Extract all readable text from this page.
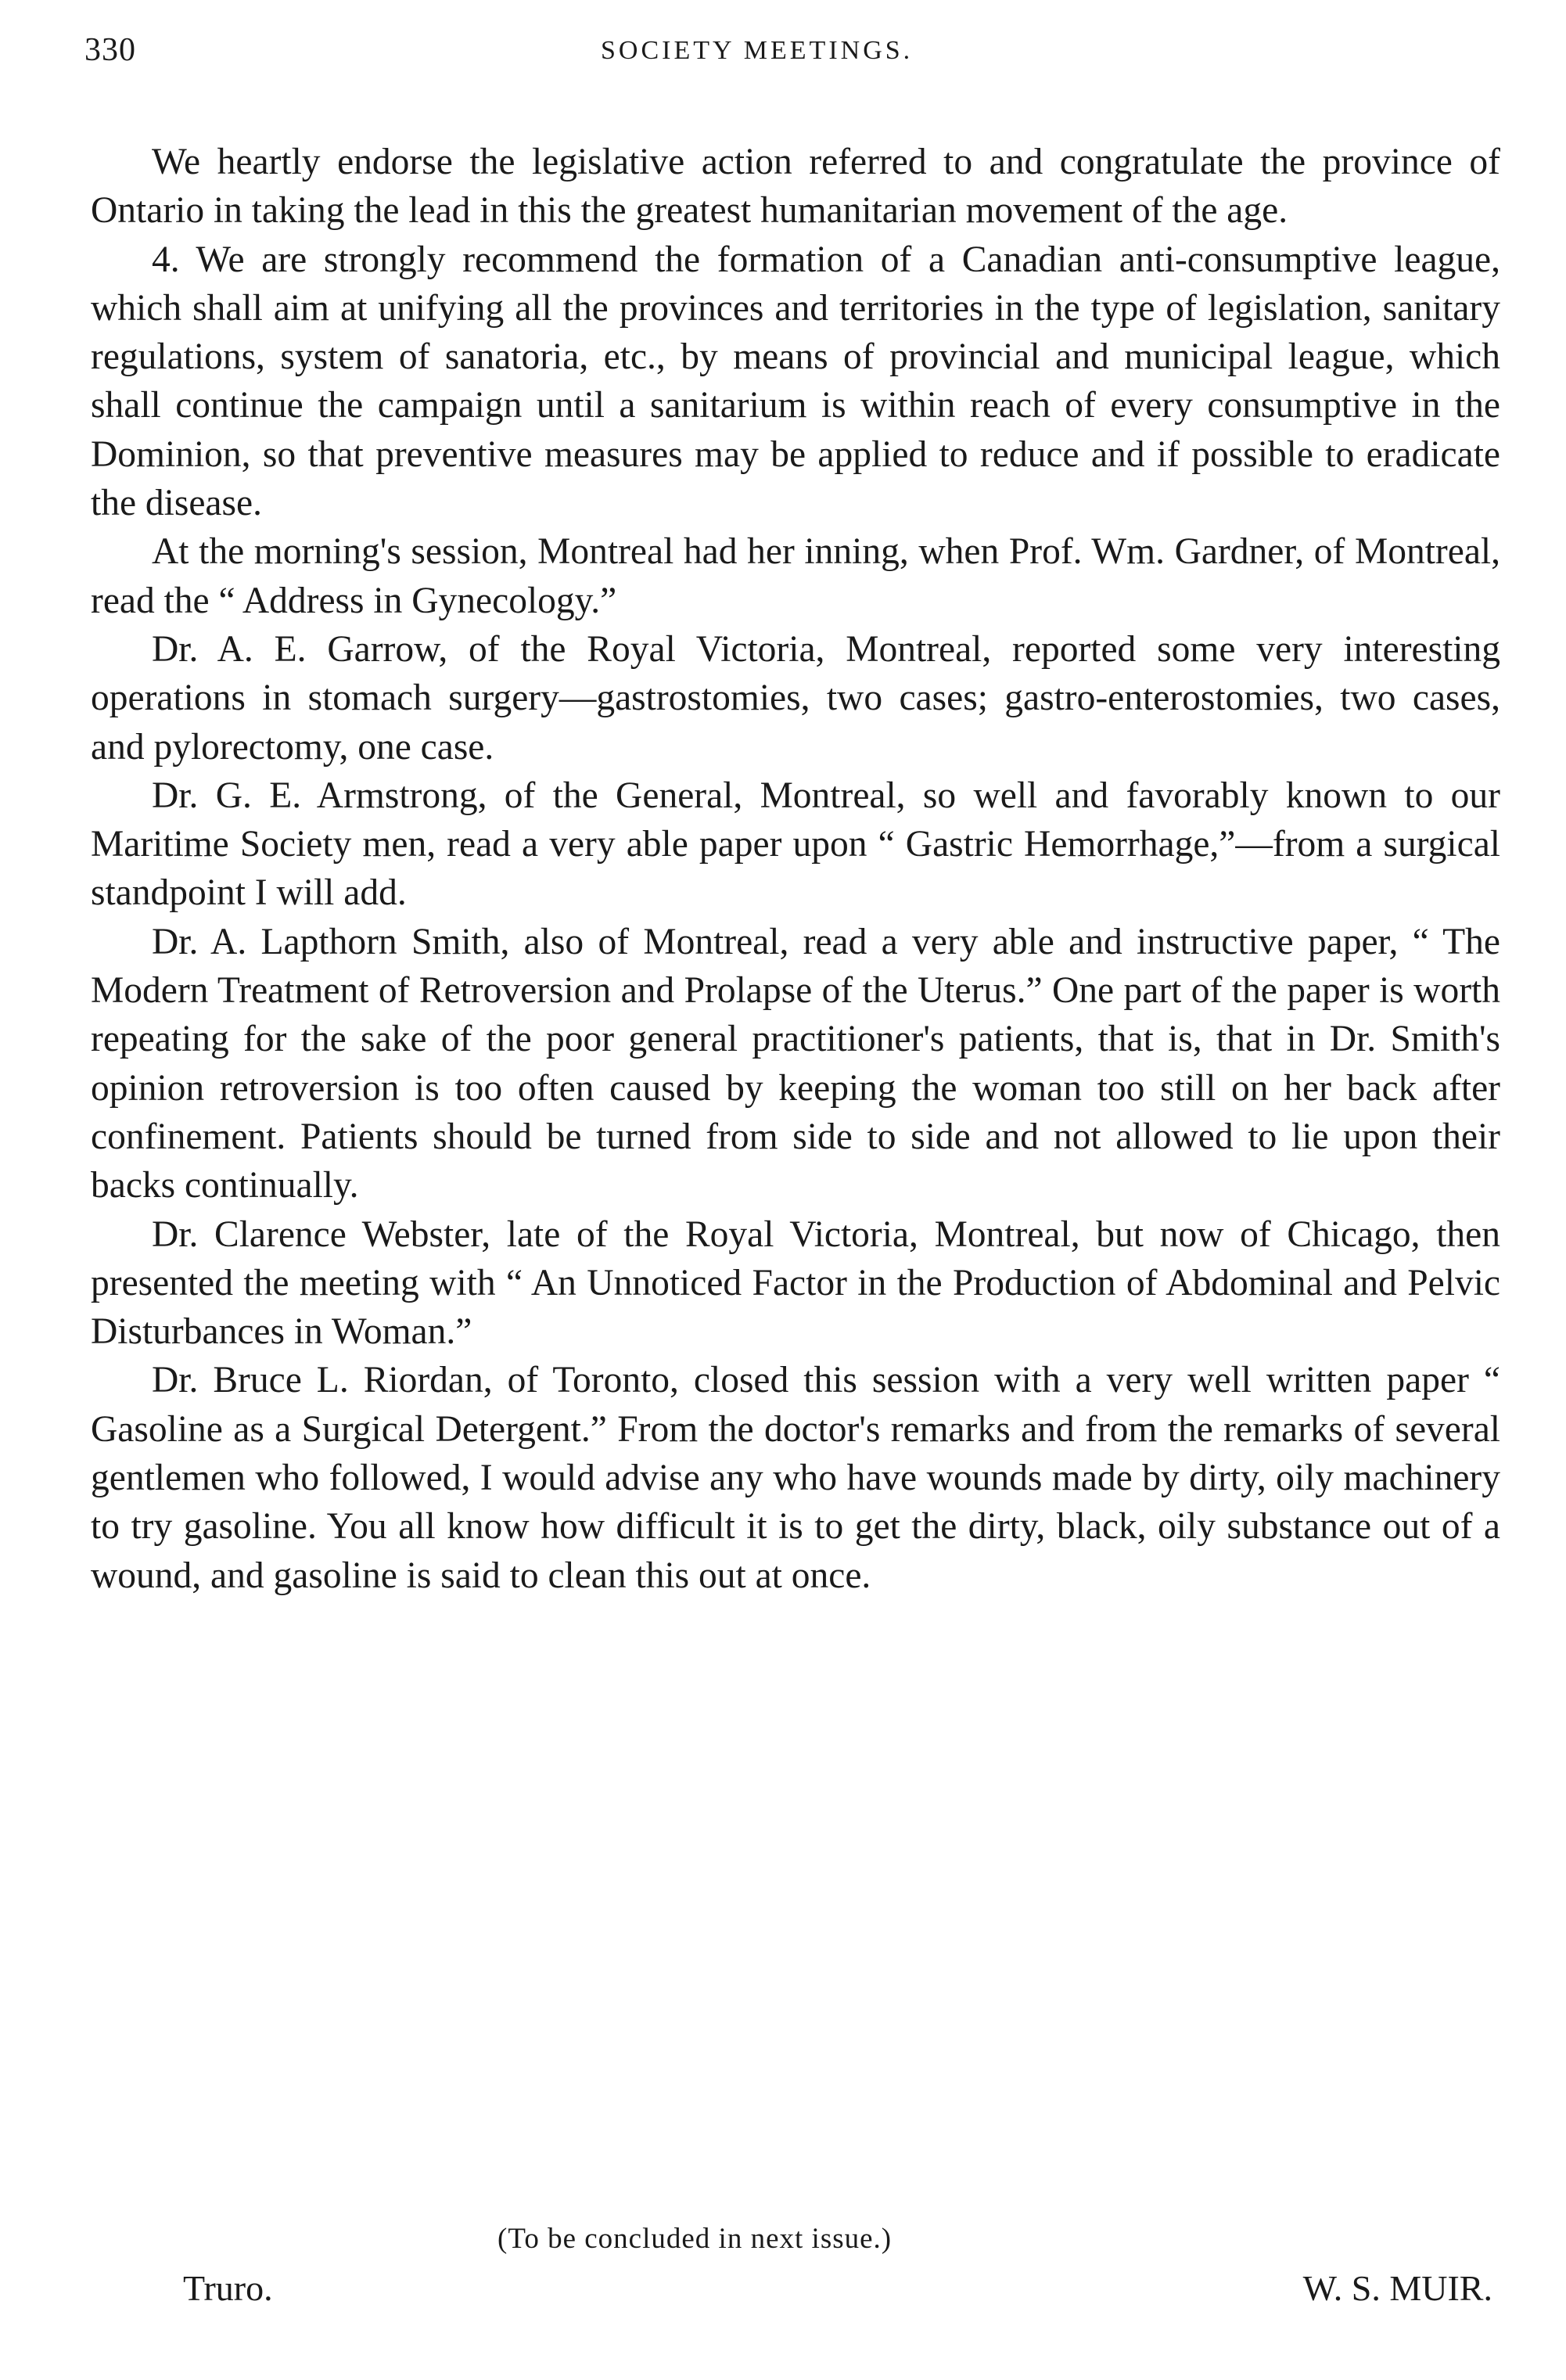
330	SOCIETY MEETINGS.

We heartly endorse the legislative action referred to and congratulate the province of Ontario in taking the lead in this the greatest humanitarian movement of the age.

4. We are strongly recommend the formation of a Canadian anti-consumptive league, which shall aim at unifying all the provinces and territories in the type of legislation, sanitary regulations, system of sanatoria, etc., by means of provincial and municipal league, which shall continue the campaign until a sanitarium is within reach of every consumptive in the Dominion, so that preventive measures may be applied to reduce and if possible to eradicate the disease.

At the morning's session, Montreal had her inning, when Prof. Wm. Gardner, of Montreal, read the “ Address in Gynecology.”

Dr. A. E. Garrow, of the Royal Victoria, Montreal, reported some very interesting operations in stomach surgery—gastrostomies, two cases; gastro-enterostomies, two cases, and pylorectomy, one case.

Dr. G. E. Armstrong, of the General, Montreal, so well and favorably known to our Maritime Society men, read a very able paper upon “ Gastric Hemorrhage,”—from a surgical standpoint I will add.

Dr. A. Lapthorn Smith, also of Montreal, read a very able and instructive paper, “ The Modern Treatment of Retroversion and Prolapse of the Uterus.” One part of the paper is worth repeating for the sake of the poor general practitioner's patients, that is, that in Dr. Smith's opinion retroversion is too often caused by keeping the woman too still on her back after confinement. Patients should be turned from side to side and not allowed to lie upon their backs continually.

Dr. Clarence Webster, late of the Royal Victoria, Montreal, but now of Chicago, then presented the meeting with “ An Unnoticed Factor in the Production of Abdominal and Pelvic Disturbances in Woman.”

Dr. Bruce L. Riordan, of Toronto, closed this session with a very well written paper “ Gasoline as a Surgical Detergent.” From the doctor's remarks and from the remarks of several gentlemen who followed, I would advise any who have wounds made by dirty, oily machinery to try gasoline. You all know how difficult it is to get the dirty, black, oily substance out of a wound, and gasoline is said to clean this out at once.

(To be concluded in next issue.)
Truro.	W. S. MUIR.
